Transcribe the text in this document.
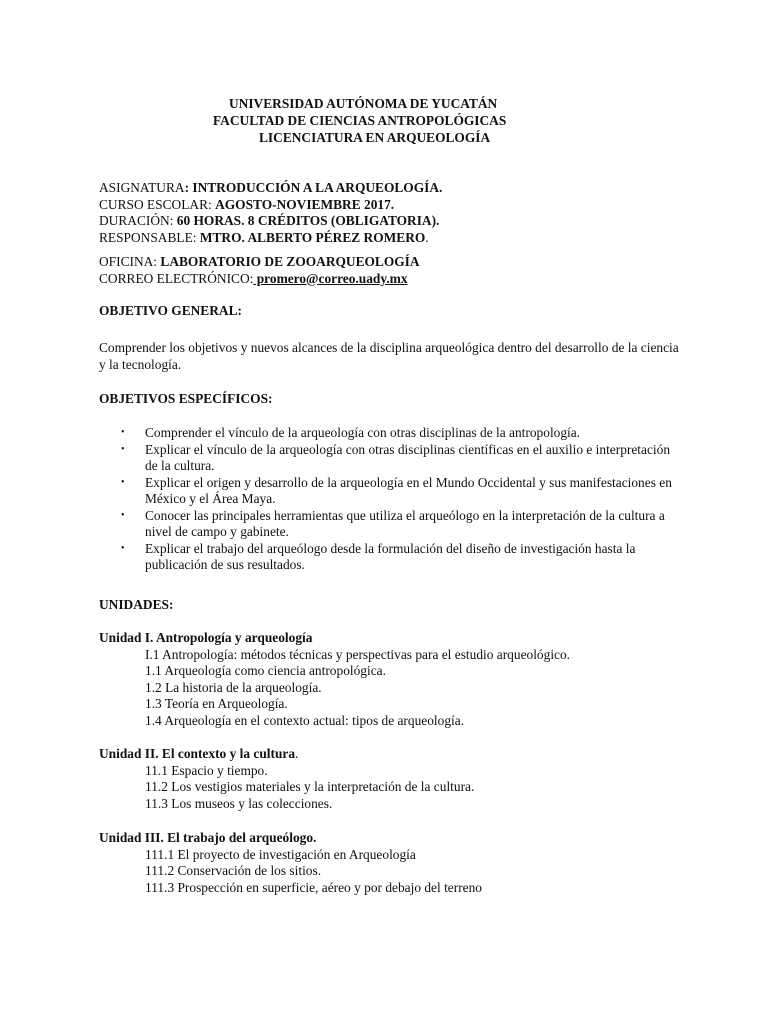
UNIVERSIDAD AUTÓNOMA DE YUCATÁN
FACULTAD DE CIENCIAS ANTROPOLÓGICAS
LICENCIATURA EN ARQUEOLOGÍA
ASIGNATURA: INTRODUCCIÓN A LA ARQUEOLOGÍA.
CURSO ESCOLAR: AGOSTO-NOVIEMBRE 2017.
DURACIÓN: 60 HORAS. 8 CRÉDITOS (OBLIGATORIA).
RESPONSABLE: MTRO. ALBERTO PÉREZ ROMERO.
OFICINA: LABORATORIO DE ZOOARQUEOLOGÍA
CORREO ELECTRÓNICO: promero@correo.uady.mx
OBJETIVO GENERAL:
Comprender los objetivos y nuevos alcances de la disciplina arqueológica dentro del desarrollo de la ciencia y la tecnología.
OBJETIVOS ESPECÍFICOS:
• Comprender el vínculo de la arqueología con otras disciplinas de la antropología.
• Explicar el vínculo de la arqueología con otras disciplinas científicas en el auxilio e interpretación de la cultura.
• Explicar el origen y desarrollo de la arqueología en el Mundo Occidental y sus manifestaciones en México y el Área Maya.
• Conocer las principales herramientas que utiliza el arqueólogo en la interpretación de la cultura a nivel de campo y gabinete.
• Explicar el trabajo del arqueólogo desde la formulación del diseño de investigación hasta la publicación de sus resultados.
UNIDADES:
Unidad I. Antropología y arqueología
I.1 Antropología: métodos técnicas y perspectivas para el estudio arqueológico.
1.1 Arqueología como ciencia antropológica.
1.2 La historia de la arqueología.
1.3 Teoría en Arqueología.
1.4 Arqueología en el contexto actual: tipos de arqueología.
Unidad II. El contexto y la cultura.
11.1 Espacio y tiempo.
11.2 Los vestigios materiales y la interpretación de la cultura.
11.3 Los museos y las colecciones.
Unidad III. El trabajo del arqueólogo.
111.1 El proyecto de investigación en Arqueología
111.2 Conservación de los sitios.
111.3 Prospección en superficie, aéreo y por debajo del terreno
